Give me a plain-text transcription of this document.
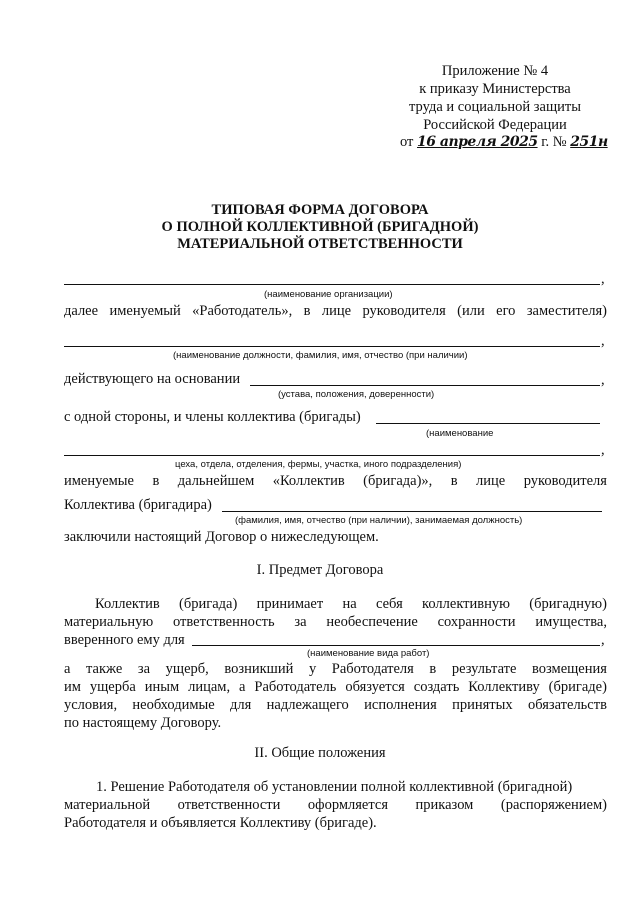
Приложение № 4
к приказу Министерства
труда и социальной защиты
Российской Федерации
от 16 апреля 2025 г. № 251н
ТИПОВАЯ ФОРМА ДОГОВОРА
О ПОЛНОЙ КОЛЛЕКТИВНОЙ (БРИГАДНОЙ)
МАТЕРИАЛЬНОЙ ОТВЕТСТВЕННОСТИ
,
(наименование организации)
далее именуемый «Работодатель», в лице руководителя (или его заместителя)
,
(наименование должности, фамилия, имя, отчество (при наличии)
действующего на основании	,
(устава, положения, доверенности)
с одной стороны, и члены коллектива (бригады)
(наименование
,
цеха, отдела, отделения, фермы, участка, иного подразделения)
именуемые в дальнейшем «Коллектив (бригада)», в лице руководителя
Коллектива (бригадира)
(фамилия, имя, отчество (при наличии), занимаемая должность)
заключили настоящий Договор о нижеследующем.
I. Предмет Договора
Коллектив (бригада) принимает на себя коллективную (бригадную)
материальную ответственность за необеспечение сохранности имущества,
вверенного ему для	,
(наименование вида работ)
а также за ущерб, возникший у Работодателя в результате возмещения
им ущерба иным лицам, а Работодатель обязуется создать Коллективу (бригаде)
условия, необходимые для надлежащего исполнения принятых обязательств
по настоящему Договору.
II. Общие положения
1. Решение Работодателя об установлении полной коллективной (бригадной)
материальной ответственности оформляется приказом (распоряжением)
Работодателя и объявляется Коллективу (бригаде).
